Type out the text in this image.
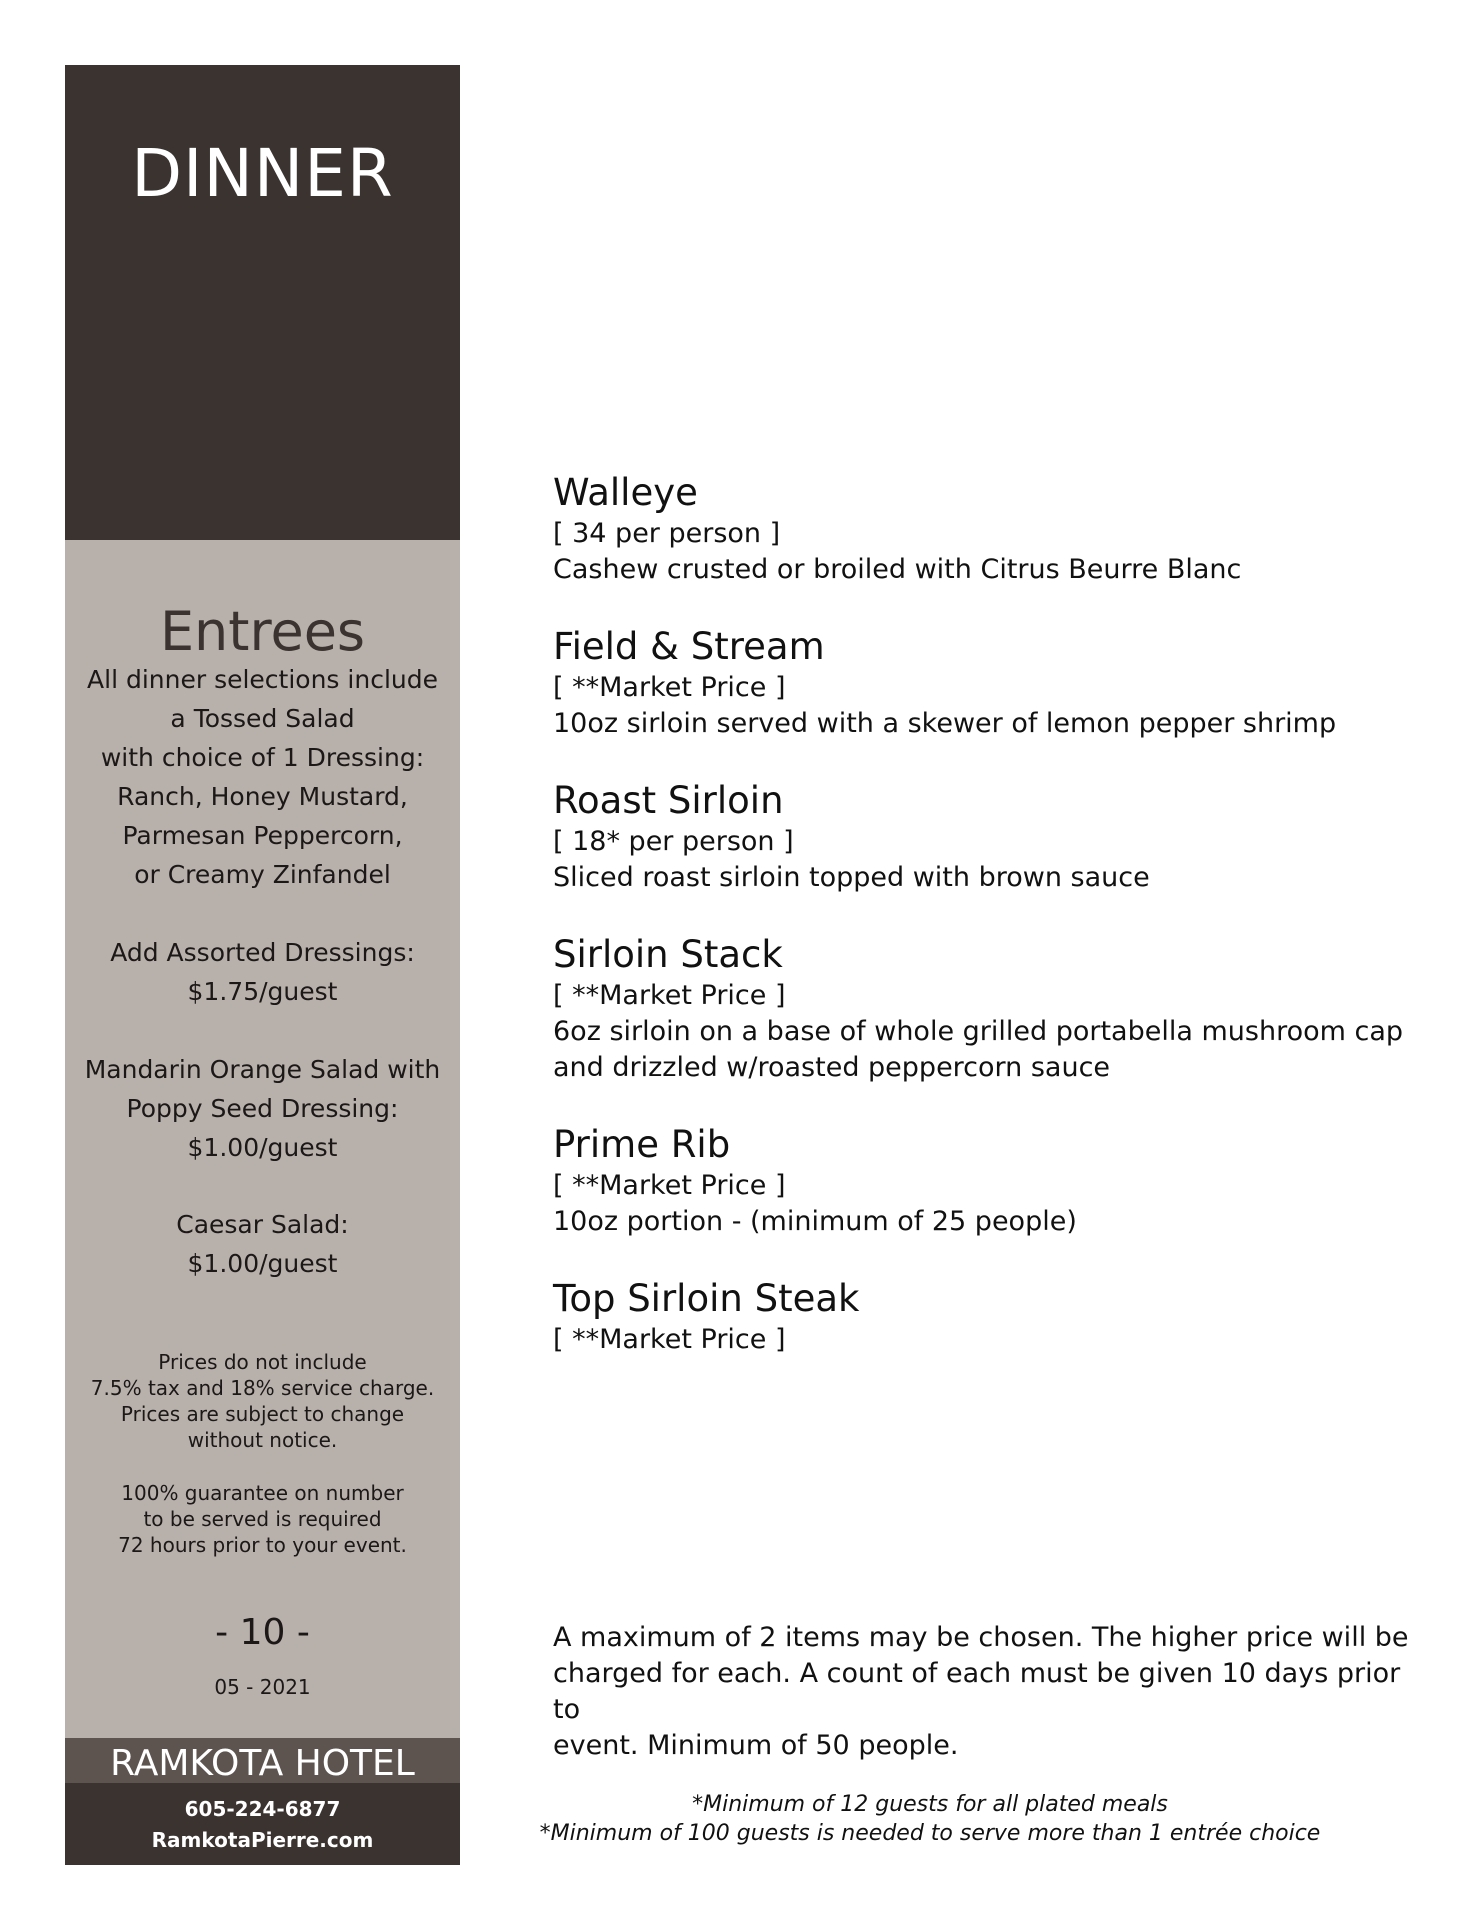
DINNER
Entrees
All dinner selections include
a Tossed Salad
with choice of 1 Dressing:
Ranch, Honey Mustard,
Parmesan Peppercorn,
or Creamy Zinfandel
Add Assorted Dressings:
$1.75/guest
Mandarin Orange Salad with
Poppy Seed Dressing:
$1.00/guest
Caesar Salad:
$1.00/guest
Prices do not include
7.5% tax and 18% service charge.
Prices are subject to change
without notice.
100% guarantee on number
to be served is required
72 hours prior to your event.
- 10 -
05 - 2021
RAMKOTA HOTEL
605-224-6877
RamkotaPierre.com
Walleye
[ 34 per person ]
Cashew crusted or broiled with Citrus Beurre Blanc
Field & Stream
[ **Market Price ]
10oz sirloin served with a skewer of lemon pepper shrimp
Roast Sirloin
[ 18* per person ]
Sliced roast sirloin topped with brown sauce
Sirloin Stack
[ **Market Price ]
6oz sirloin on a base of whole grilled portabella mushroom cap
and drizzled w/roasted peppercorn sauce
Prime Rib
[ **Market Price ]
10oz portion - (minimum of 25 people)
Top Sirloin Steak
[ **Market Price ]
A maximum of 2 items may be chosen. The higher price will be
charged for each. A count of each must be given 10 days prior to
event. Minimum of 50 people.
*Minimum of 12 guests for all plated meals
*Minimum of 100 guests is needed to serve more than 1 entrée choice
